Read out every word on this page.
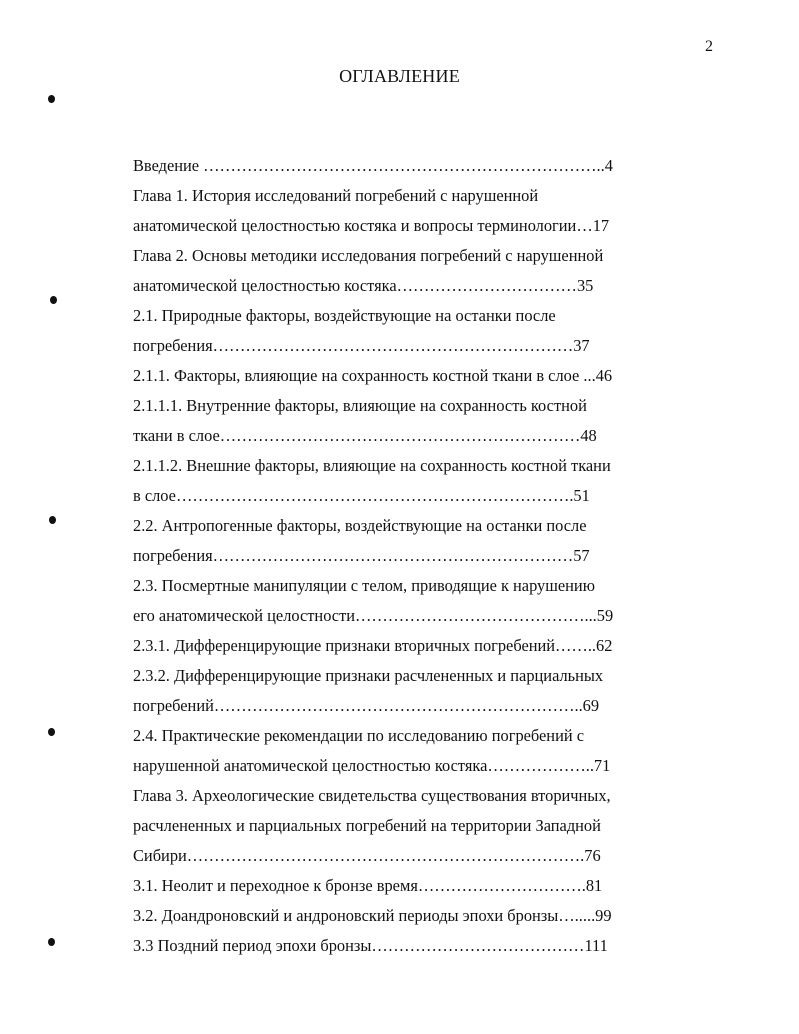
2
ОГЛАВЛЕНИЕ
Введение ………………………………………………………………..4
Глава 1. История исследований погребений с нарушенной
анатомической целостностью костяка и вопросы терминологии…17
Глава 2. Основы методики исследования погребений с нарушенной
анатомической целостностью костяка……………………………35
2.1. Природные факторы, воздействующие на останки после
погребения…………………………………………………………37
2.1.1. Факторы, влияющие на сохранность костной ткани в слое ...46
2.1.1.1. Внутренние факторы, влияющие на сохранность костной
ткани в слое…………………………………………………………48
2.1.1.2. Внешние факторы, влияющие на сохранность костной ткани
в слое……………………………………………………………….51
2.2. Антропогенные факторы, воздействующие на останки после
погребения…………………………………………………………57
2.3. Посмертные манипуляции с телом, приводящие к нарушению
его анатомической целостности……………………………………...59
2.3.1. Дифференцирующие признаки вторичных погребений……..62
2.3.2. Дифференцирующие признаки расчлененных и парциальных
погребений…………………………………………………………..69
2.4. Практические рекомендации по исследованию погребений с
нарушенной анатомической целостностью костяка………………..71
Глава 3. Археологические свидетельства существования вторичных,
расчлененных и парциальных погребений на территории Западной
Сибири……………………………………………………………….76
3.1. Неолит и переходное к бронзе время………………………….81
3.2. Доандроновский и андроновский периоды эпохи бронзы….....99
3.3 Поздний период эпохи бронзы…………………………………111
